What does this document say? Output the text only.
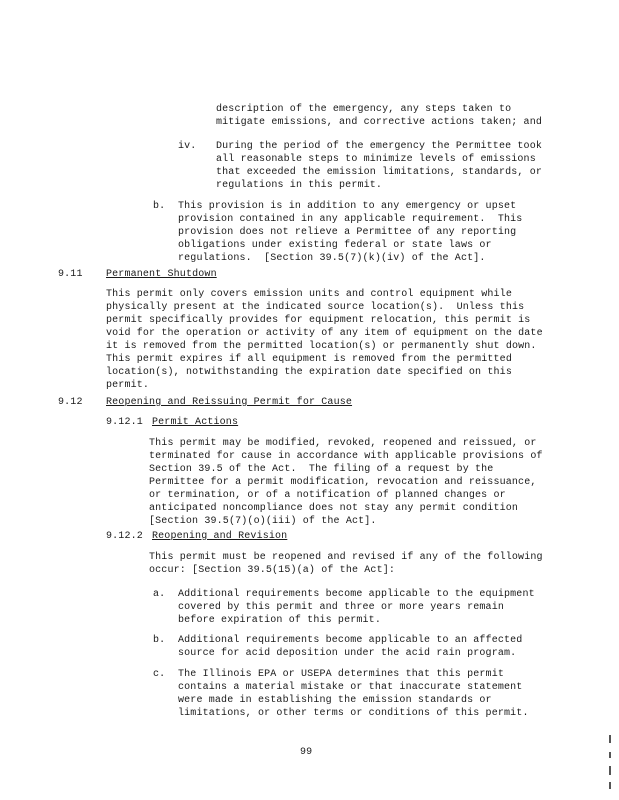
description of the emergency, any steps taken to
mitigate emissions, and corrective actions taken; and
iv. During the period of the emergency the Permittee took
all reasonable steps to minimize levels of emissions
that exceeded the emission limitations, standards, or
regulations in this permit.
b. This provision is in addition to any emergency or upset
provision contained in any applicable requirement.  This
provision does not relieve a Permittee of any reporting
obligations under existing federal or state laws or
regulations.  [Section 39.5(7)(k)(iv) of the Act].
9.11 Permanent Shutdown
This permit only covers emission units and control equipment while
physically present at the indicated source location(s).  Unless this
permit specifically provides for equipment relocation, this permit is
void for the operation or activity of any item of equipment on the date
it is removed from the permitted location(s) or permanently shut down.
This permit expires if all equipment is removed from the permitted
location(s), notwithstanding the expiration date specified on this
permit.
9.12 Reopening and Reissuing Permit for Cause
9.12.1 Permit Actions
This permit may be modified, revoked, reopened and reissued, or
terminated for cause in accordance with applicable provisions of
Section 39.5 of the Act.  The filing of a request by the
Permittee for a permit modification, revocation and reissuance,
or termination, or of a notification of planned changes or
anticipated noncompliance does not stay any permit condition
[Section 39.5(7)(o)(iii) of the Act].
9.12.2 Reopening and Revision
This permit must be reopened and revised if any of the following
occur: [Section 39.5(15)(a) of the Act]:
a. Additional requirements become applicable to the equipment
covered by this permit and three or more years remain
before expiration of this permit.
b. Additional requirements become applicable to an affected
source for acid deposition under the acid rain program.
c. The Illinois EPA or USEPA determines that this permit
contains a material mistake or that inaccurate statement
were made in establishing the emission standards or
limitations, or other terms or conditions of this permit.
99
